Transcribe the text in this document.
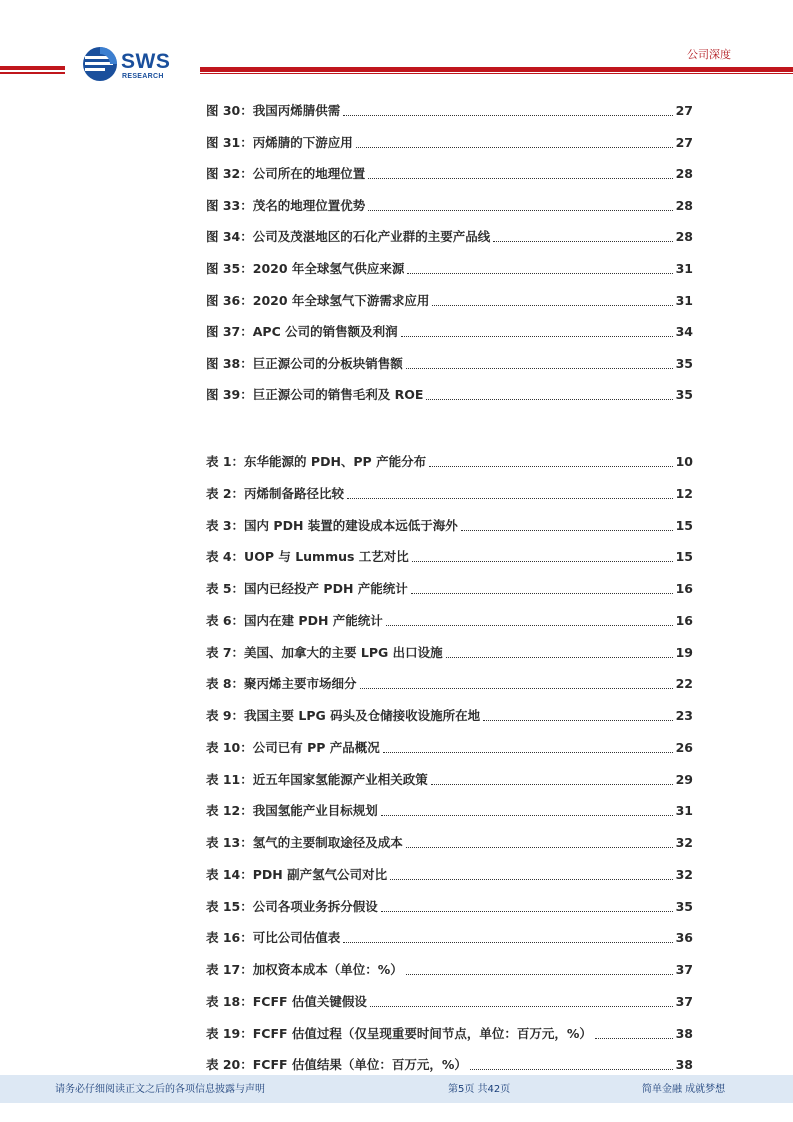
SWS
RESEARCH
公司深度
图 30：我国丙烯腈供需	27
图 31：丙烯腈的下游应用	27
图 32：公司所在的地理位置	28
图 33：茂名的地理位置优势	28
图 34：公司及茂湛地区的石化产业群的主要产品线	28
图 35：2020 年全球氢气供应来源	31
图 36：2020 年全球氢气下游需求应用	31
图 37：APC 公司的销售额及利润	34
图 38：巨正源公司的分板块销售额	35
图 39：巨正源公司的销售毛利及 ROE	35
表 1：东华能源的 PDH、PP 产能分布	10
表 2：丙烯制备路径比较	12
表 3：国内 PDH 装置的建设成本远低于海外	15
表 4：UOP 与 Lummus 工艺对比	15
表 5：国内已经投产 PDH 产能统计	16
表 6：国内在建 PDH 产能统计	16
表 7：美国、加拿大的主要 LPG 出口设施	19
表 8：聚丙烯主要市场细分	22
表 9：我国主要 LPG 码头及仓储接收设施所在地	23
表 10：公司已有 PP 产品概况	26
表 11：近五年国家氢能源产业相关政策	29
表 12：我国氢能产业目标规划	31
表 13：氢气的主要制取途径及成本	32
表 14：PDH 副产氢气公司对比	32
表 15：公司各项业务拆分假设	35
表 16：可比公司估值表	36
表 17：加权资本成本（单位：%）	37
表 18：FCFF 估值关键假设	37
表 19：FCFF 估值过程（仅呈现重要时间节点，单位：百万元，%）	38
表 20：FCFF 估值结果（单位：百万元，%）	38
请务必仔细阅读正文之后的各项信息披露与声明	第5页 共42页	简单金融 成就梦想
